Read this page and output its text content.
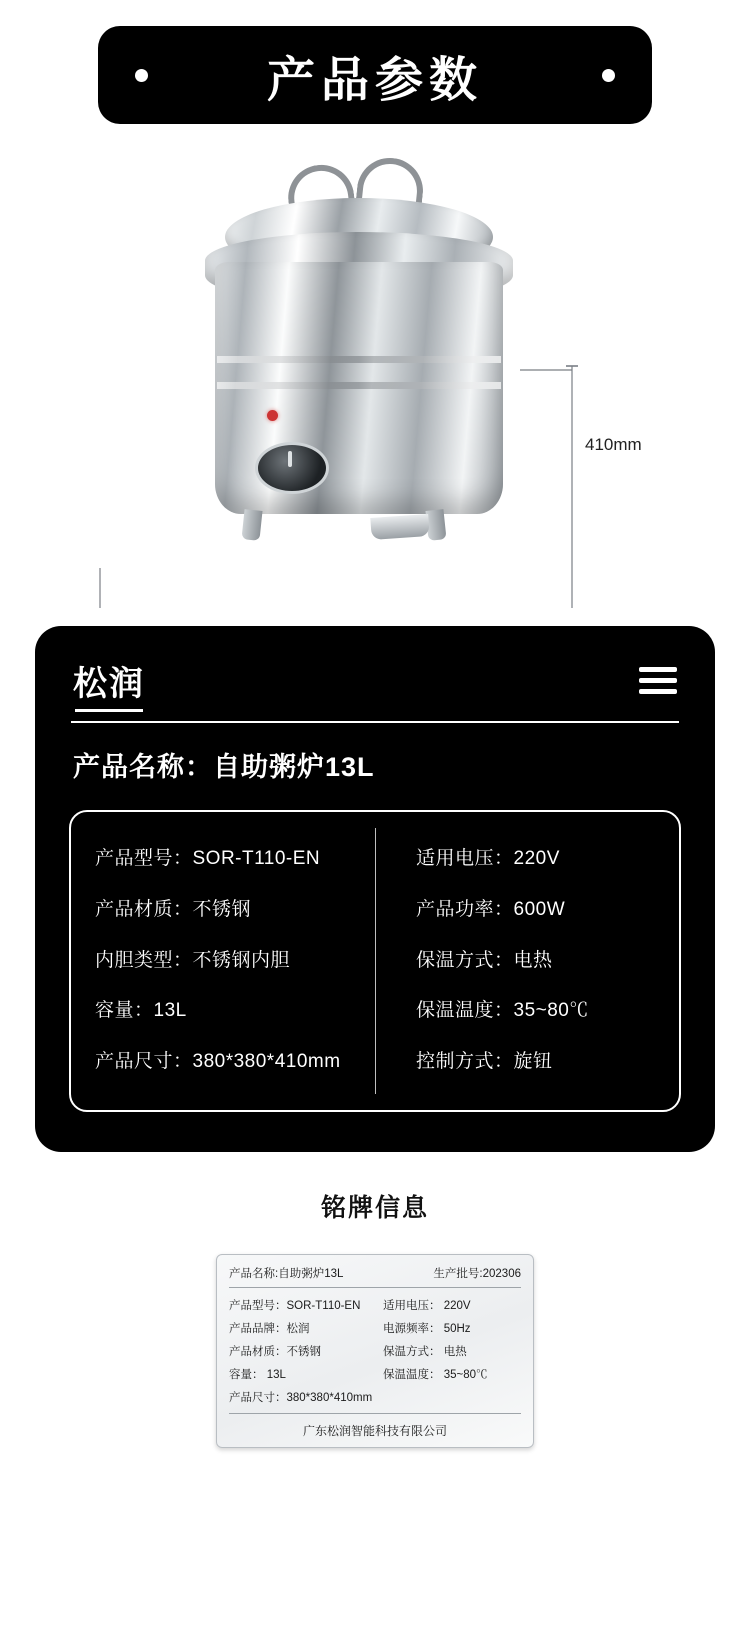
产品参数
410mm
松润
产品名称：自助粥炉13L
产品型号：SOR-T110-EN
产品材质：不锈钢
内胆类型：不锈钢内胆
容量：13L
产品尺寸：380*380*410mm
适用电压：220V
产品功率：600W
保温方式：电热
保温温度：35~80℃
控制方式：旋钮
铭牌信息
产品名称:自助粥炉13L	生产批号:202306
产品型号：SOR-T110-EN
产品品牌：松润
产品材质：不锈钢
容量： 13L
产品尺寸：380*380*410mm
适用电压： 220V
电源频率： 50Hz
保温方式： 电热
保温温度： 35~80℃
广东松润智能科技有限公司
